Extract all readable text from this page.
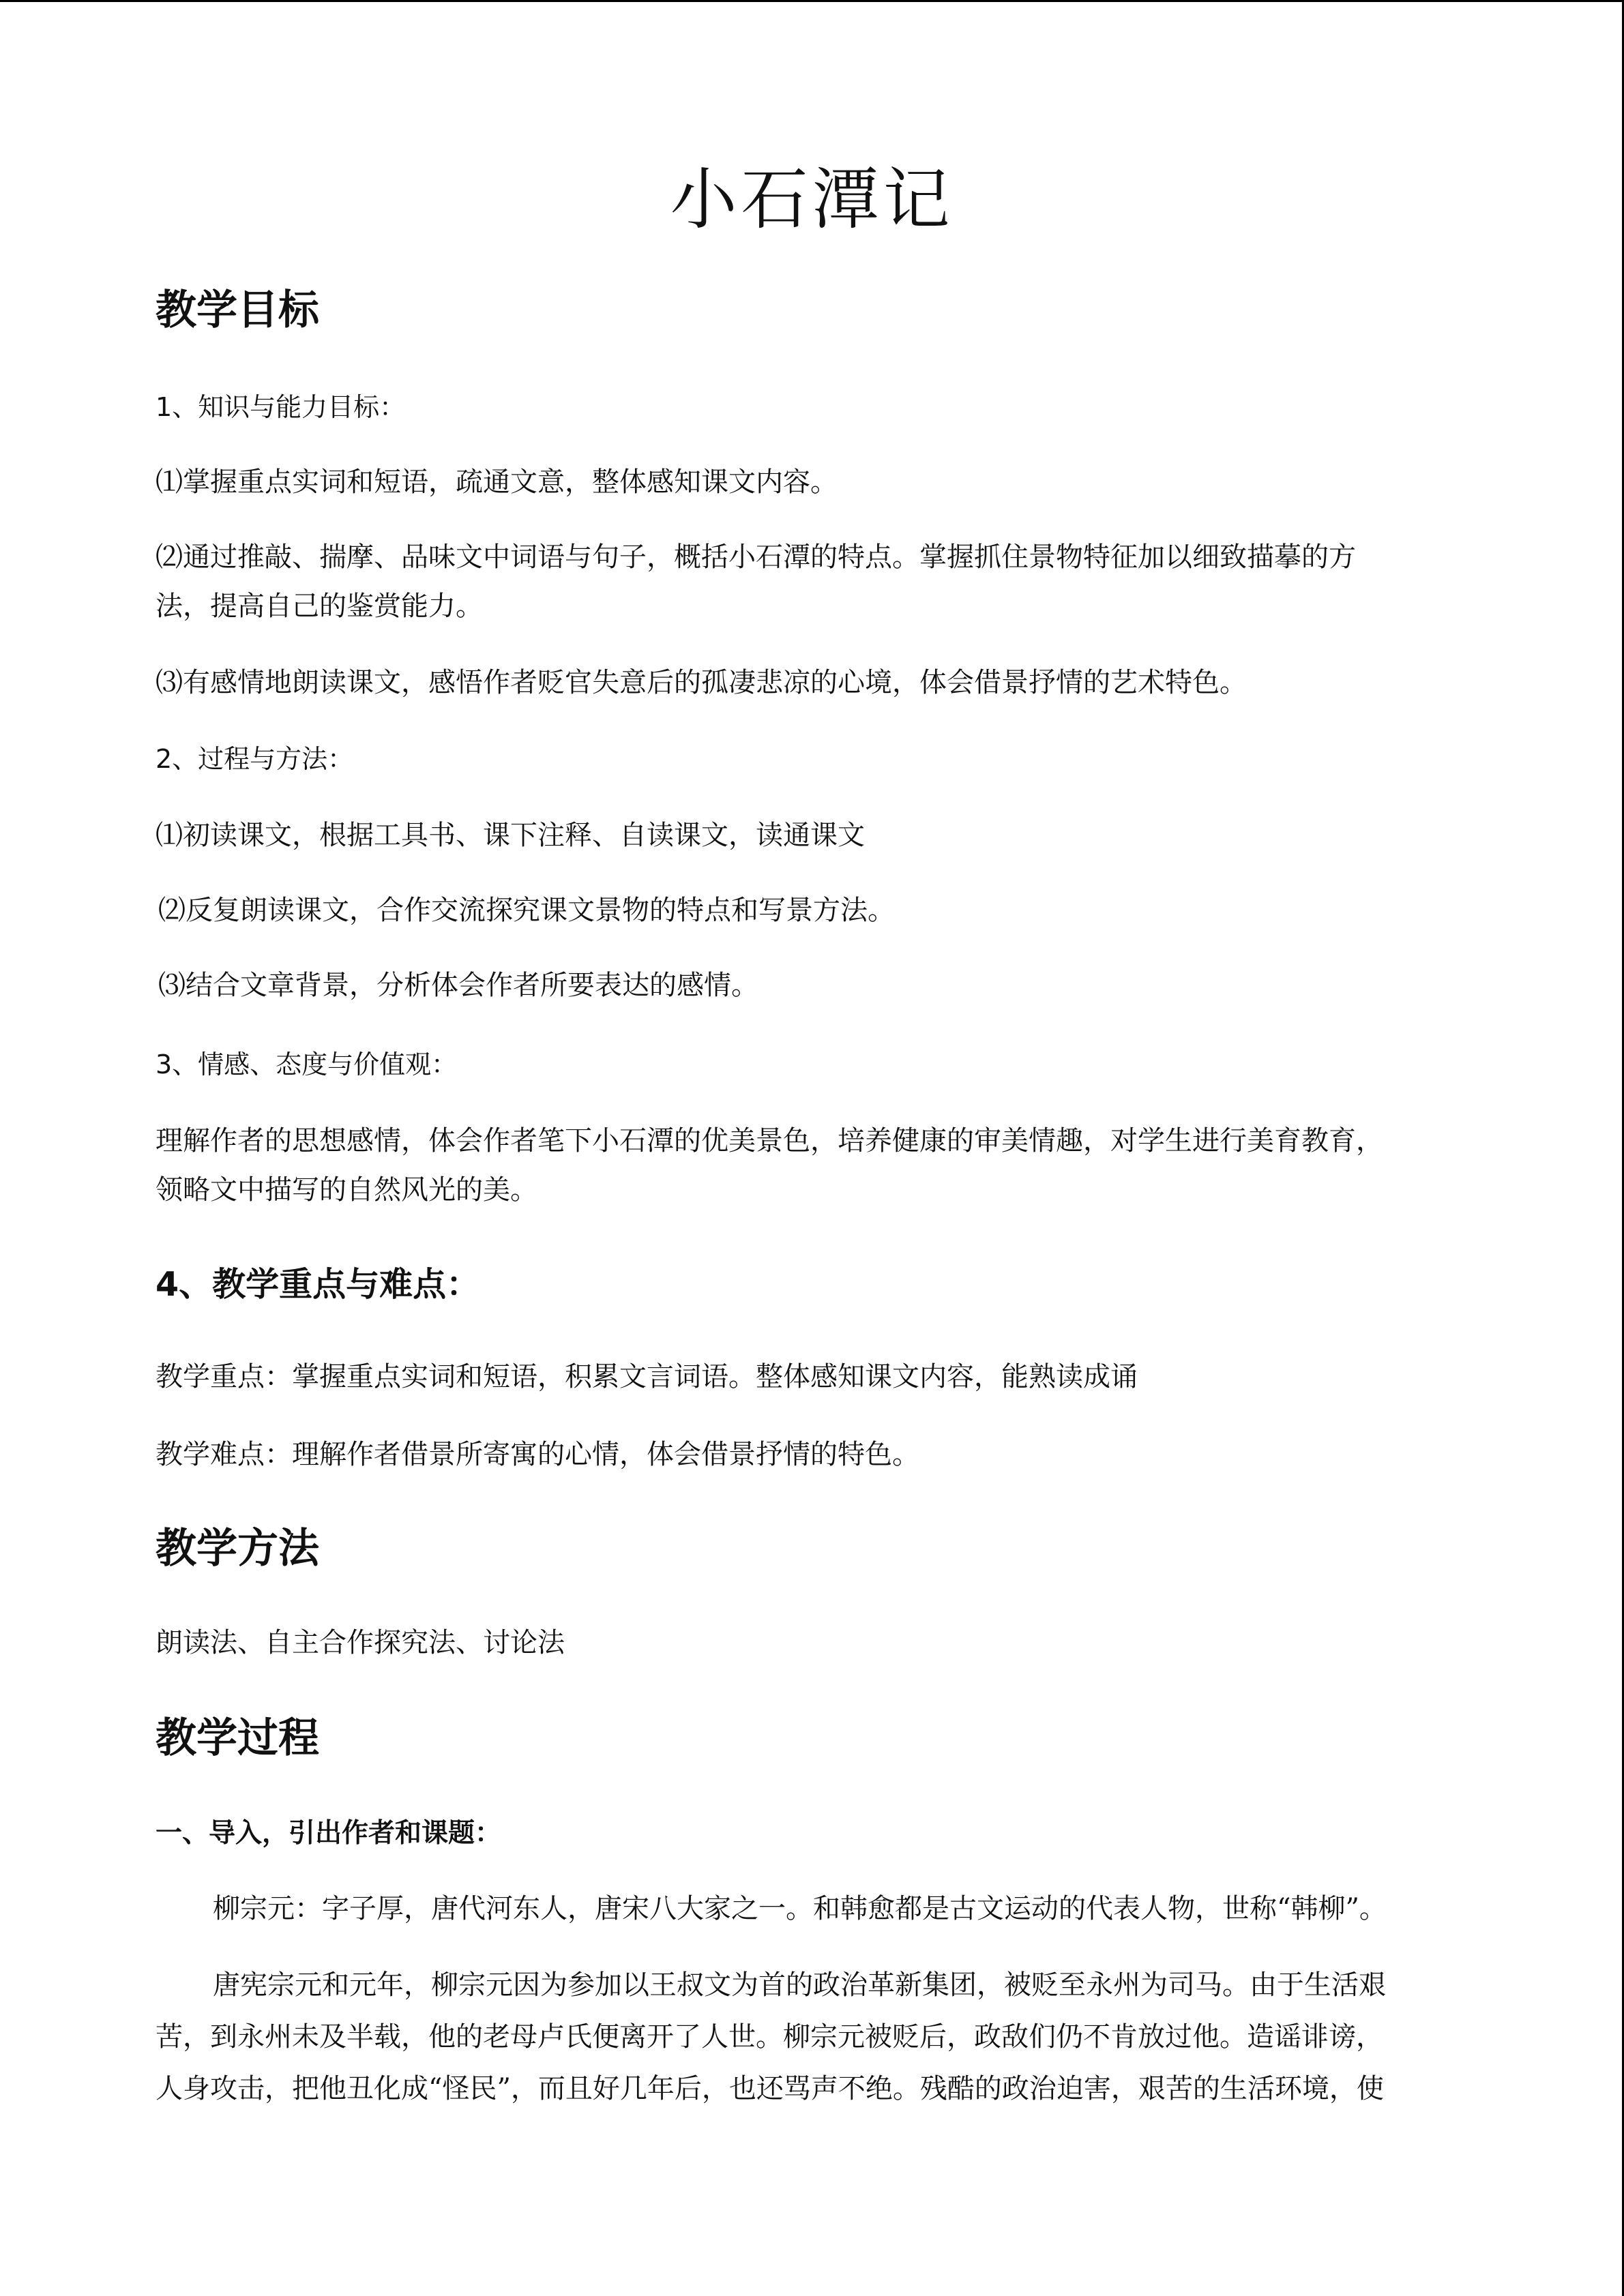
小石潭记
教学目标
1、知识与能力目标：
⑴掌握重点实词和短语，疏通文意，整体感知课文内容。
⑵通过推敲、揣摩、品味文中词语与句子，概括小石潭的特点。掌握抓住景物特征加以细致描摹的方
法，提高自己的鉴赏能力。
⑶有感情地朗读课文，感悟作者贬官失意后的孤凄悲凉的心境，体会借景抒情的艺术特色。
2、过程与方法：
⑴初读课文，根据工具书、课下注释、自读课文，读通课文
⑵反复朗读课文，合作交流探究课文景物的特点和写景方法。
⑶结合文章背景，分析体会作者所要表达的感情。
3、情感、态度与价值观：
理解作者的思想感情，体会作者笔下小石潭的优美景色，培养健康的审美情趣，对学生进行美育教育，
领略文中描写的自然风光的美。
4、教学重点与难点：
教学重点：掌握重点实词和短语，积累文言词语。整体感知课文内容，能熟读成诵
教学难点：理解作者借景所寄寓的心情，体会借景抒情的特色。
教学方法
朗读法、自主合作探究法、讨论法
教学过程
一、导入，引出作者和课题：
柳宗元：字子厚，唐代河东人，唐宋八大家之一。和韩愈都是古文运动的代表人物，世称“韩柳”。
唐宪宗元和元年，柳宗元因为参加以王叔文为首的政治革新集团，被贬至永州为司马。由于生活艰
苦，到永州未及半载，他的老母卢氏便离开了人世。柳宗元被贬后，政敌们仍不肯放过他。造谣诽谤，
人身攻击，把他丑化成“怪民”，而且好几年后，也还骂声不绝。残酷的政治迫害，艰苦的生活环境，使
